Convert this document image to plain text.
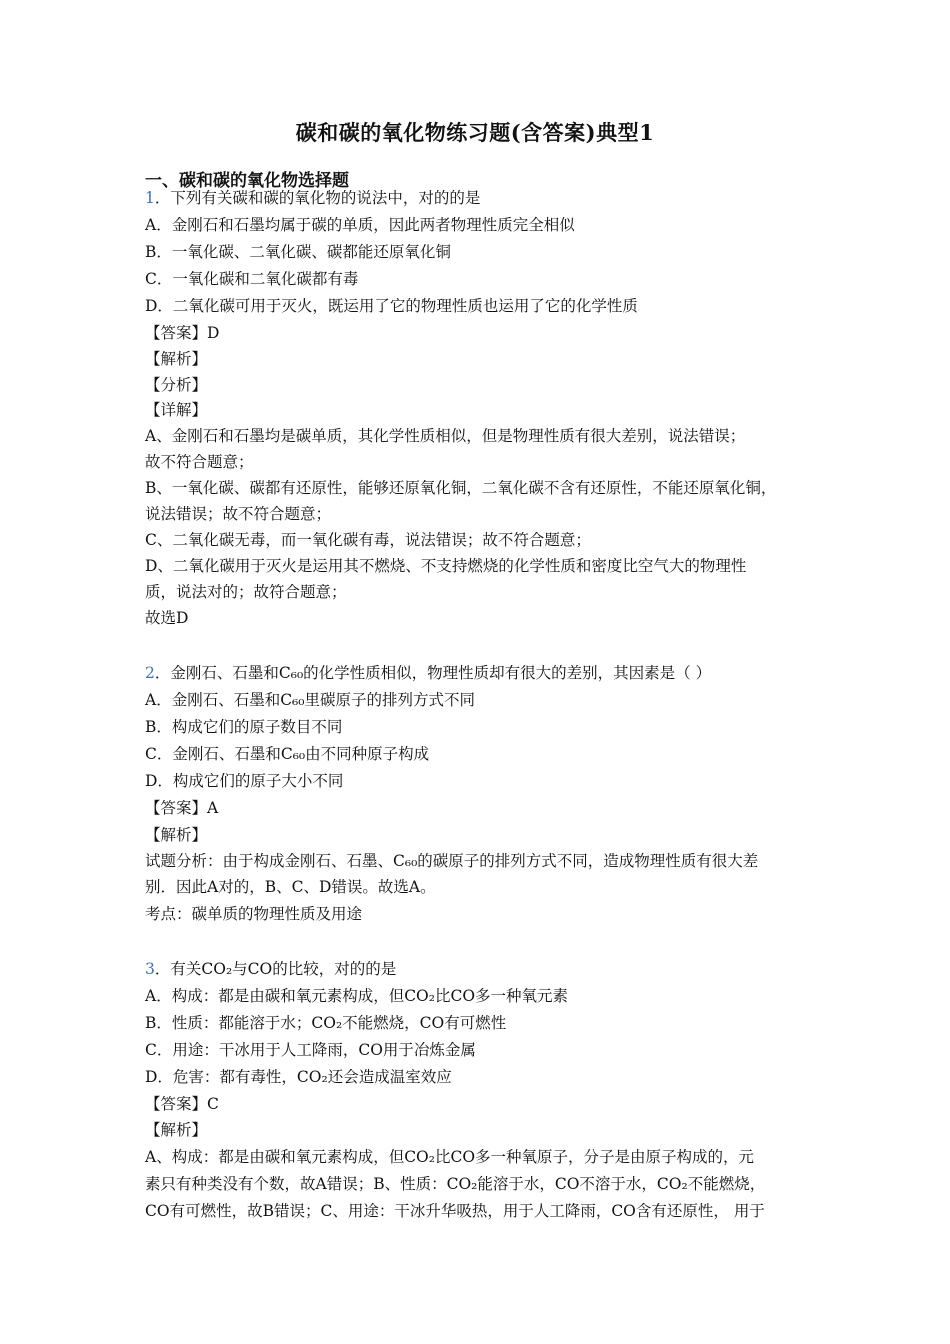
碳和碳的氧化物练习题(含答案)典型1
一、碳和碳的氧化物选择题
1．下列有关碳和碳的氧化物的说法中，对的的是
A．金刚石和石墨均属于碳的单质，因此两者物理性质完全相似
B．一氧化碳、二氧化碳、碳都能还原氧化铜
C．一氧化碳和二氧化碳都有毒
D．二氧化碳可用于灭火，既运用了它的物理性质也运用了它的化学性质
【答案】D
【解析】
【分析】
【详解】
A、金刚石和石墨均是碳单质，其化学性质相似，但是物理性质有很大差别，说法错误；
故不符合题意；
B、一氧化碳、碳都有还原性，能够还原氧化铜，二氧化碳不含有还原性，不能还原氧化铜，
说法错误；故不符合题意；
C、二氧化碳无毒，而一氧化碳有毒，说法错误；故不符合题意；
D、二氧化碳用于灭火是运用其不燃烧、不支持燃烧的化学性质和密度比空气大的物理性
质，说法对的；故符合题意；
故选D
2．金刚石、石墨和C₆₀的化学性质相似，物理性质却有很大的差别，其因素是（ ）
A．金刚石、石墨和C₆₀里碳原子的排列方式不同
B．构成它们的原子数目不同
C．金刚石、石墨和C₆₀由不同种原子构成
D．构成它们的原子大小不同
【答案】A
【解析】
试题分析：由于构成金刚石、石墨、C₆₀的碳原子的排列方式不同，造成物理性质有很大差
别．因此A对的，B、C、D错误。故选A。
考点：碳单质的物理性质及用途
3．有关CO₂与CO的比较，对的的是
A．构成：都是由碳和氧元素构成，但CO₂比CO多一种氧元素
B．性质：都能溶于水；CO₂不能燃烧，CO有可燃性
C．用途：干冰用于人工降雨，CO用于冶炼金属
D．危害：都有毒性，CO₂还会造成温室效应
【答案】C
【解析】
A、构成：都是由碳和氧元素构成，但CO₂比CO多一种氧原子，分子是由原子构成的，元
素只有种类没有个数，故A错误；B、性质：CO₂能溶于水，CO不溶于水，CO₂不能燃烧，
CO有可燃性，故B错误；C、用途：干冰升华吸热，用于人工降雨，CO含有还原性， 用于
